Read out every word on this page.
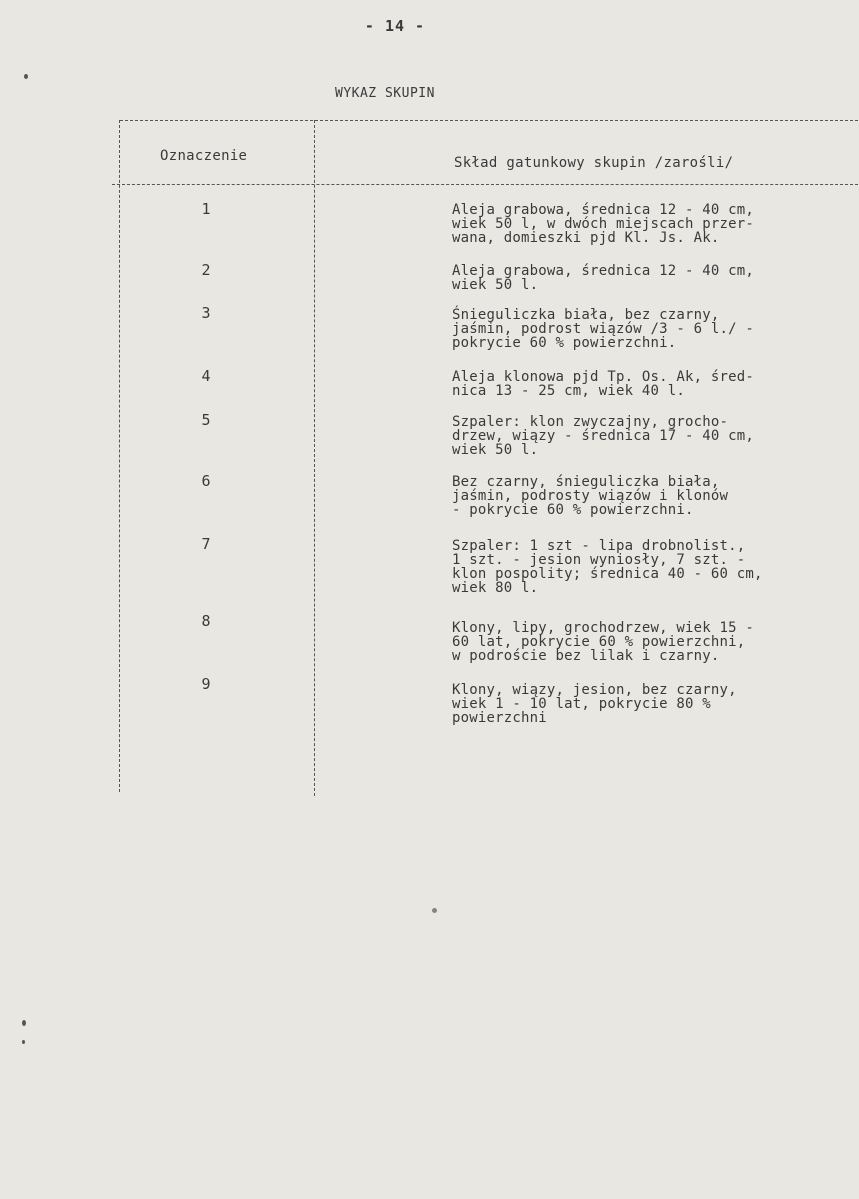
- 14 -
WYKAZ SKUPIN
Oznaczenie	Skład gatunkowy skupin /zarośli/
1	Aleja grabowa, średnica 12 - 40 cm,
wiek 50 l, w dwóch miejscach przer-
wana, domieszki pjd Kl. Js. Ak.
2	Aleja grabowa, średnica 12 - 40 cm,
wiek 50 l.
3	Śnieguliczka biała, bez czarny,
jaśmin, podrost wiązów /3 - 6 l./ -
pokrycie 60 % powierzchni.
4	Aleja klonowa pjd Tp. Os. Ak, śred-
nica 13 - 25 cm, wiek 40 l.
5	Szpaler: klon zwyczajny, grocho-
drzew, wiązy - średnica 17 - 40 cm,
wiek 50 l.
6	Bez czarny, śnieguliczka biała,
jaśmin, podrosty wiązów i klonów
- pokrycie 60 % powierzchni.
7	Szpaler: 1 szt - lipa drobnolist.,
1 szt. - jesion wyniosły, 7 szt. -
klon pospolity; średnica 40 - 60 cm,
wiek 80 l.
8	Klony, lipy, grochodrzew, wiek 15 -
60 lat, pokrycie 60 % powierzchni,
w podroście bez lilak i czarny.
9	Klony, wiązy, jesion, bez czarny,
wiek 1 - 10 lat, pokrycie 80 %
powierzchni
